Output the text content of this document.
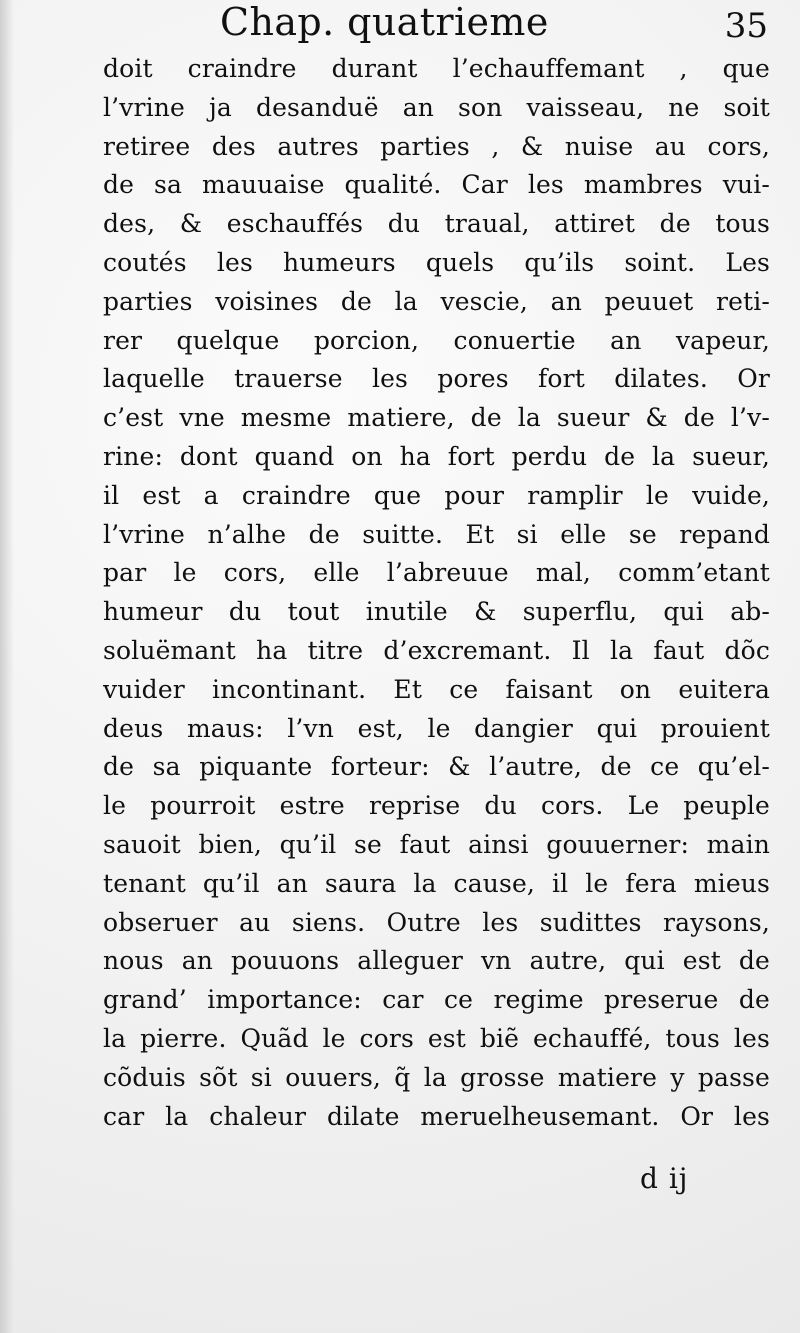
Chap. quatrieme	35
doit craindre durant l’echauffemant , que
l’vrine ja desanduë an son vaisseau, ne soit
retiree des autres parties , & nuise au cors,
de sa mauuaise qualité. Car les mambres vui-
des, & eschauffés du traual, attiret de tous
coutés les humeurs quels qu’ils soint. Les
parties voisines de la vescie, an peuuet reti-
rer quelque porcion, conuertie an vapeur,
laquelle trauerse les pores fort dilates. Or
c’est vne mesme matiere, de la sueur & de l’v-
rine: dont quand on ha fort perdu de la sueur,
il est a craindre que pour ramplir le vuide,
l’vrine n’alhe de suitte. Et si elle se repand
par le cors, elle l’abreuue mal, comm’etant
humeur du tout inutile & superflu, qui ab-
soluëmant ha titre d’excremant. Il la faut dõc
vuider incontinant. Et ce faisant on euitera
deus maus: l’vn est, le dangier qui prouient
de sa piquante forteur: & l’autre, de ce qu’el-
le pourroit estre reprise du cors. Le peuple
sauoit bien, qu’il se faut ainsi gouuerner: main
tenant qu’il an saura la cause, il le fera mieus
obseruer au siens. Outre les sudittes raysons,
nous an pouuons alleguer vn autre, qui est de
grand’ importance: car ce regime preserue de
la pierre. Quãd le cors est biẽ echauffé, tous les
cõduis sõt si ouuers, q̃ la grosse matiere y passe
car la chaleur dilate meruelheusemant. Or les
d ij
